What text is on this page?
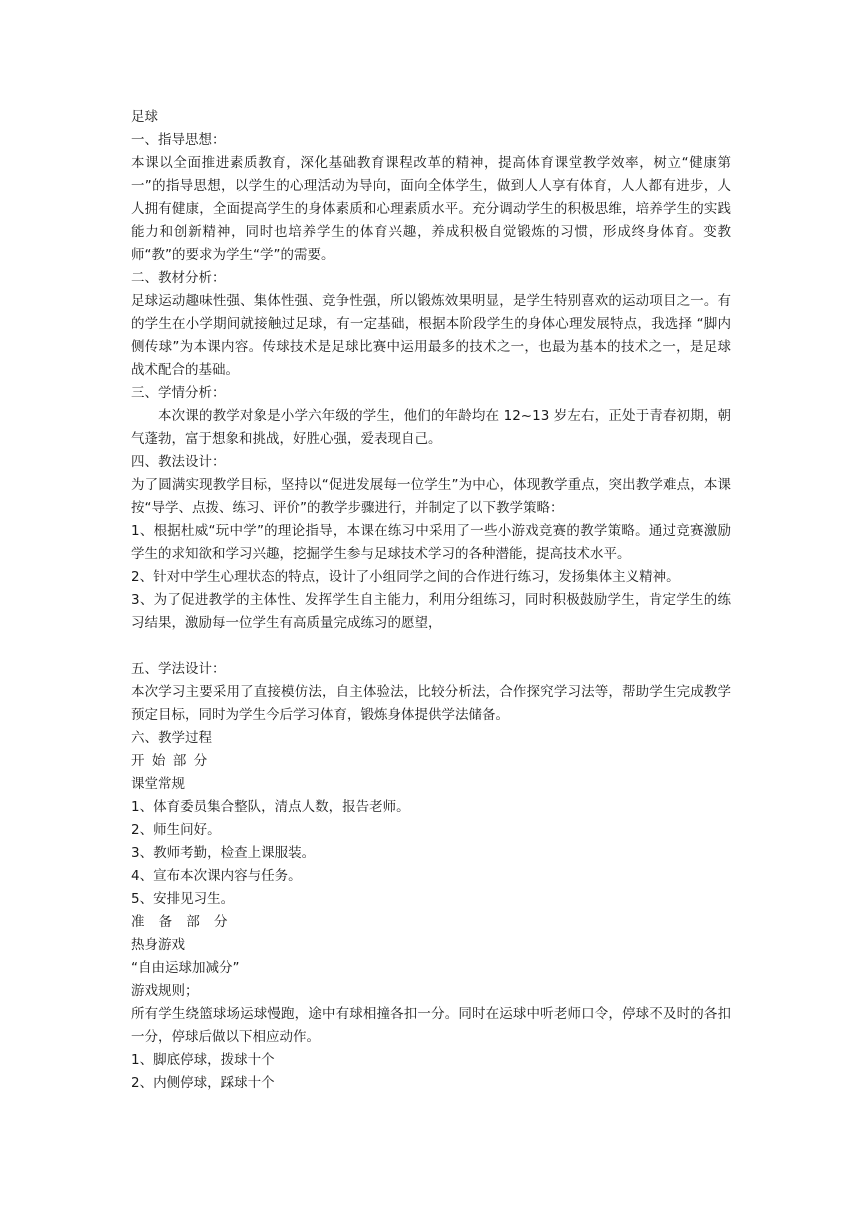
足球
一、指导思想：
本课以全面推进素质教育，深化基础教育课程改革的精神，提高体育课堂教学效率，树立“健康第一”的指导思想，以学生的心理活动为导向，面向全体学生，做到人人享有体育，人人都有进步，人人拥有健康，全面提高学生的身体素质和心理素质水平。充分调动学生的积极思维，培养学生的实践能力和创新精神，同时也培养学生的体育兴趣，养成积极自觉锻炼的习惯，形成终身体育。变教师“教”的要求为学生“学”的需要。
二、教材分析：
足球运动趣味性强、集体性强、竞争性强，所以锻炼效果明显，是学生特别喜欢的运动项目之一。有的学生在小学期间就接触过足球，有一定基础，根据本阶段学生的身体心理发展特点，我选择 “脚内侧传球”为本课内容。传球技术是足球比赛中运用最多的技术之一，也最为基本的技术之一，是足球战术配合的基础。
三、学情分析：
本次课的教学对象是小学六年级的学生，他们的年龄均在 12~13 岁左右，正处于青春初期，朝气蓬勃，富于想象和挑战，好胜心强，爱表现自己。
四、教法设计：
为了圆满实现教学目标，坚持以“促进发展每一位学生”为中心，体现教学重点，突出教学难点，本课按“导学、点拨、练习、评价”的教学步骤进行，并制定了以下教学策略：
1、根据杜威“玩中学”的理论指导，本课在练习中采用了一些小游戏竞赛的教学策略。通过竞赛激励学生的求知欲和学习兴趣，挖掘学生参与足球技术学习的各种潜能，提高技术水平。
2、针对中学生心理状态的特点，设计了小组同学之间的合作进行练习，发扬集体主义精神。
3、为了促进教学的主体性、发挥学生自主能力，利用分组练习，同时积极鼓励学生，肯定学生的练习结果，激励每一位学生有高质量完成练习的愿望，
五、学法设计：
本次学习主要采用了直接模仿法，自主体验法，比较分析法，合作探究学习法等，帮助学生完成教学预定目标，同时为学生今后学习体育，锻炼身体提供学法储备。
六、教学过程
开始部分
课堂常规
1、体育委员集合整队，清点人数，报告老师。
2、师生问好。
3、教师考勤，检查上课服装。
4、宣布本次课内容与任务。
5、安排见习生。
准备部分
热身游戏
“自由运球加减分”
游戏规则；
所有学生绕篮球场运球慢跑，途中有球相撞各扣一分。同时在运球中听老师口令，停球不及时的各扣一分，停球后做以下相应动作。
1、脚底停球，拨球十个
2、内侧停球，踩球十个
